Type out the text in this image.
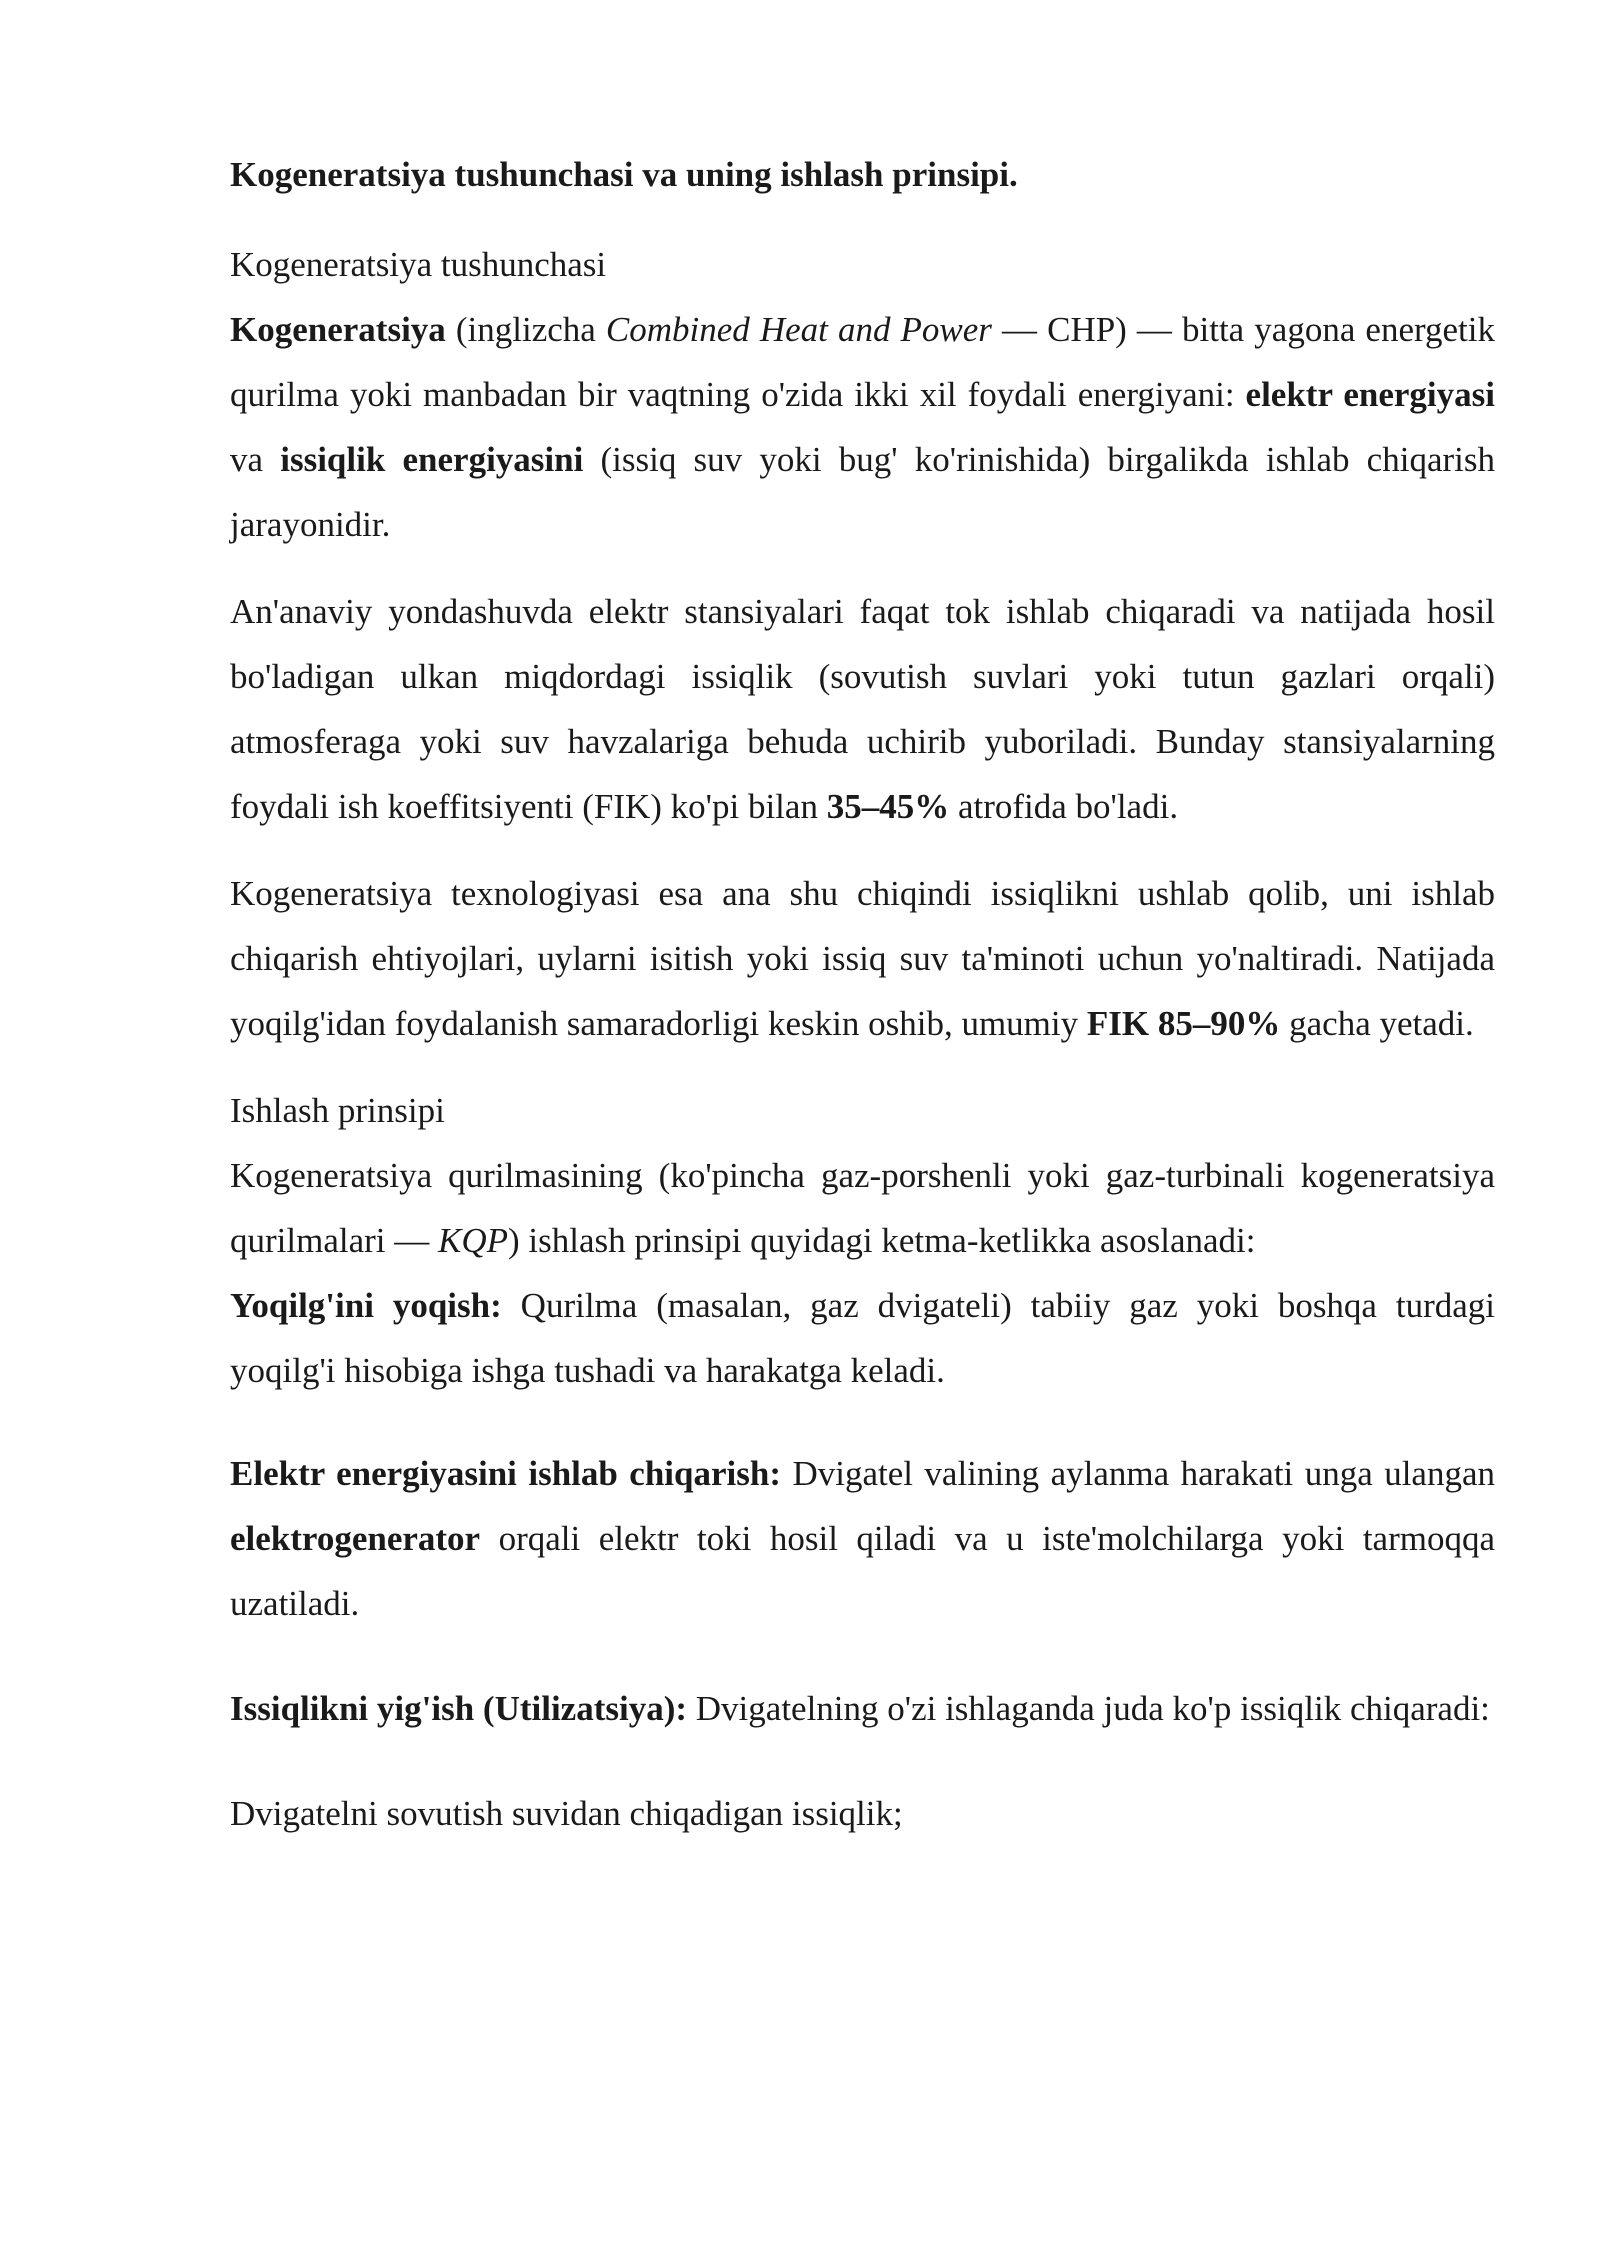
Kogeneratsiya tushunchasi va uning ishlash prinsipi.
Kogeneratsiya tushunchasi

Kogeneratsiya (inglizcha Combined Heat and Power — CHP) — bitta yagona energetik qurilma yoki manbadan bir vaqtning o'zida ikki xil foydali energiyani: elektr energiyasi va issiqlik energiyasini (issiq suv yoki bug' ko'rinishida) birgalikda ishlab chiqarish jarayonidir.

An'anaviy yondashuvda elektr stansiyalari faqat tok ishlab chiqaradi va natijada hosil bo'ladigan ulkan miqdordagi issiqlik (sovutish suvlari yoki tutun gazlari orqali) atmosferaga yoki suv havzalariga behuda uchirib yuboriladi. Bunday stansiyalarning foydali ish koeffitsiyenti (FIK) ko'pi bilan 35–45% atrofida bo'ladi.

Kogeneratsiya texnologiyasi esa ana shu chiqindi issiqlikni ushlab qolib, uni ishlab chiqarish ehtiyojlari, uylarni isitish yoki issiq suv ta'minoti uchun yo'naltiradi. Natijada yoqilg'idan foydalanish samaradorligi keskin oshib, umumiy FIK 85–90% gacha yetadi.

Ishlash prinsipi

Kogeneratsiya qurilmasining (ko'pincha gaz-porshenli yoki gaz-turbinali kogeneratsiya qurilmalari — KQP) ishlash prinsipi quyidagi ketma-ketlikka asoslanadi:

Yoqilg'ini yoqish: Qurilma (masalan, gaz dvigateli) tabiiy gaz yoki boshqa turdagi yoqilg'i hisobiga ishga tushadi va harakatga keladi.

Elektr energiyasini ishlab chiqarish: Dvigatel valining aylanma harakati unga ulangan elektrogenerator orqali elektr toki hosil qiladi va u iste'molchilarga yoki tarmoqqa uzatiladi.

Issiqlikni yig'ish (Utilizatsiya): Dvigatelning o'zi ishlaganda juda ko'p issiqlik chiqaradi:

Dvigatelni sovutish suvidan chiqadigan issiqlik;
